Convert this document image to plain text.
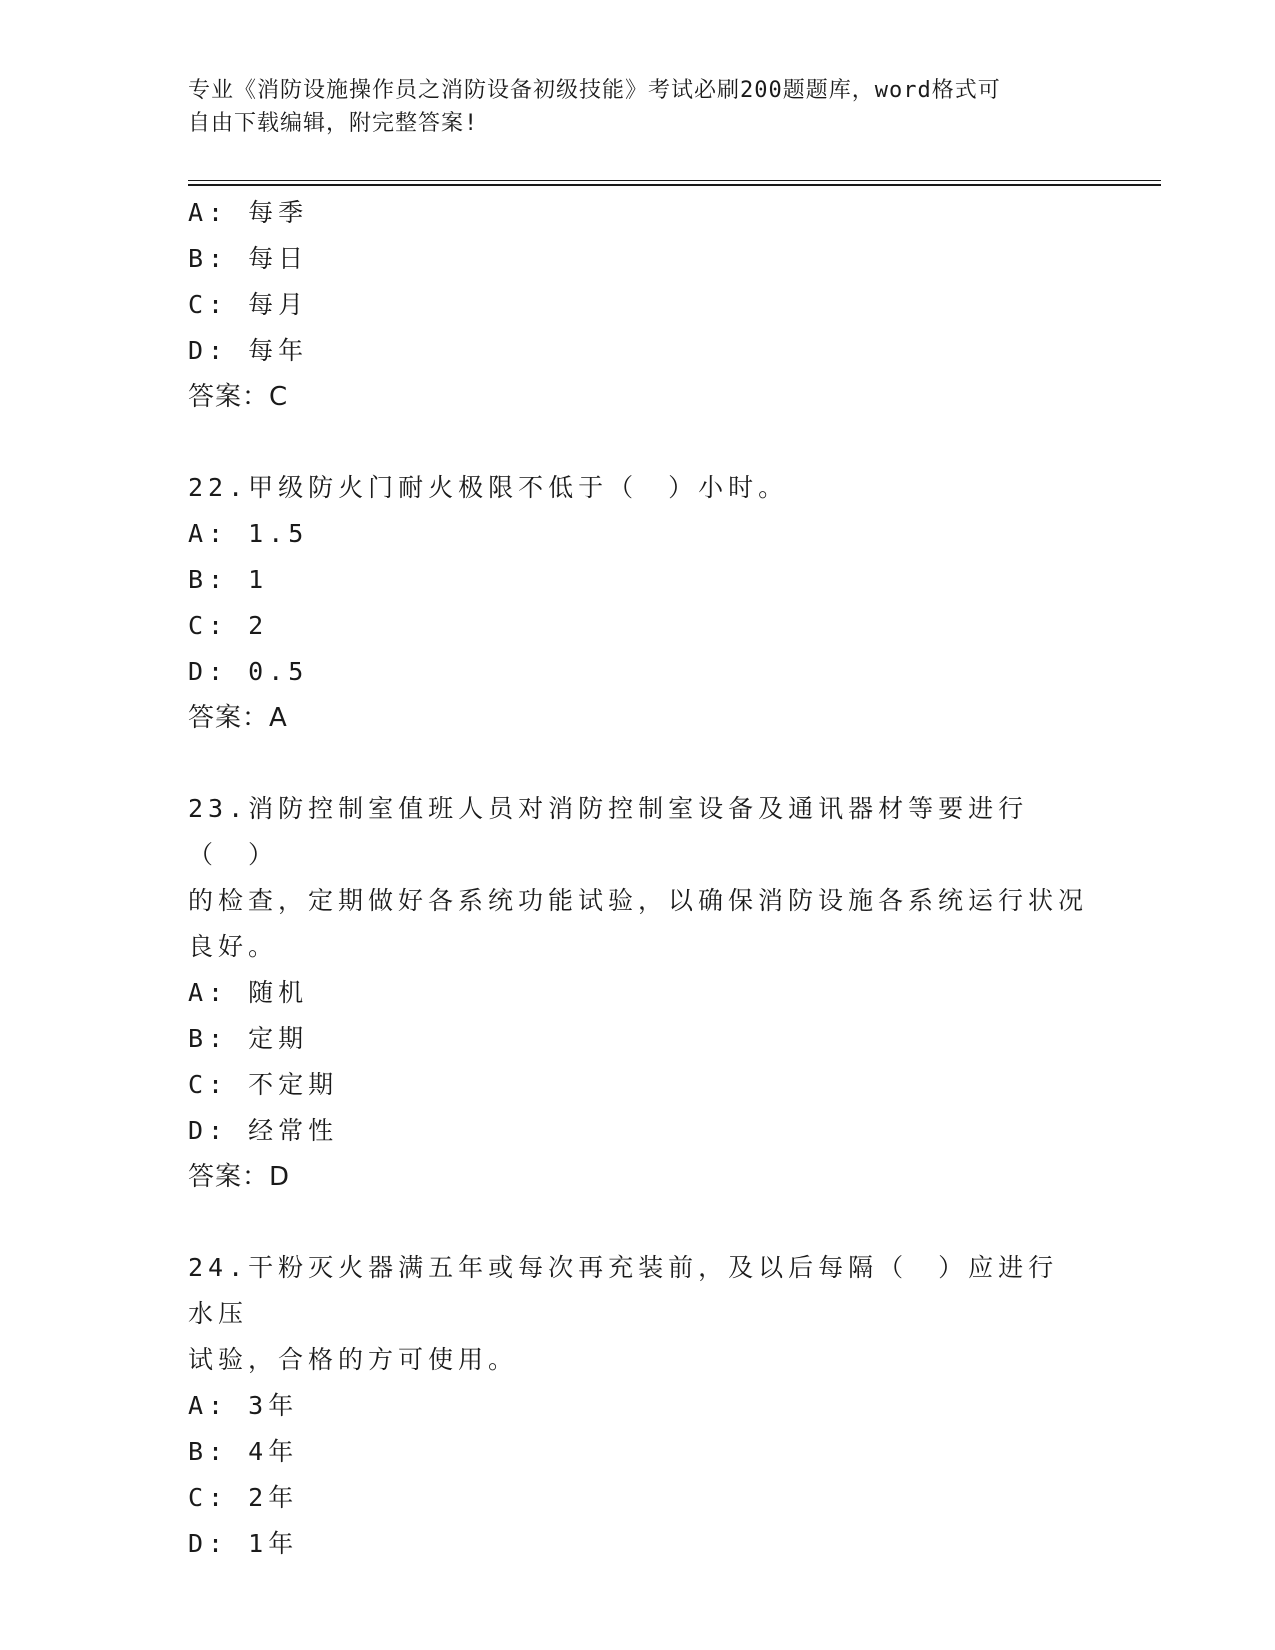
专业《消防设施操作员之消防设备初级技能》考试必刷200题题库，word格式可
自由下载编辑，附完整答案!
A: 每季
B: 每日
C: 每月
D: 每年
答案：C
22.甲级防火门耐火极限不低于（　）小时。
A: 1.5
B: 1
C: 2
D: 0.5
答案：A
23.消防控制室值班人员对消防控制室设备及通讯器材等要进行（　）
的检查，定期做好各系统功能试验，以确保消防设施各系统运行状况
良好。
A: 随机
B: 定期
C: 不定期
D: 经常性
答案：D
24.干粉灭火器满五年或每次再充装前，及以后每隔（　）应进行水压
试验，合格的方可使用。
A: 3年
B: 4年
C: 2年
D: 1年
